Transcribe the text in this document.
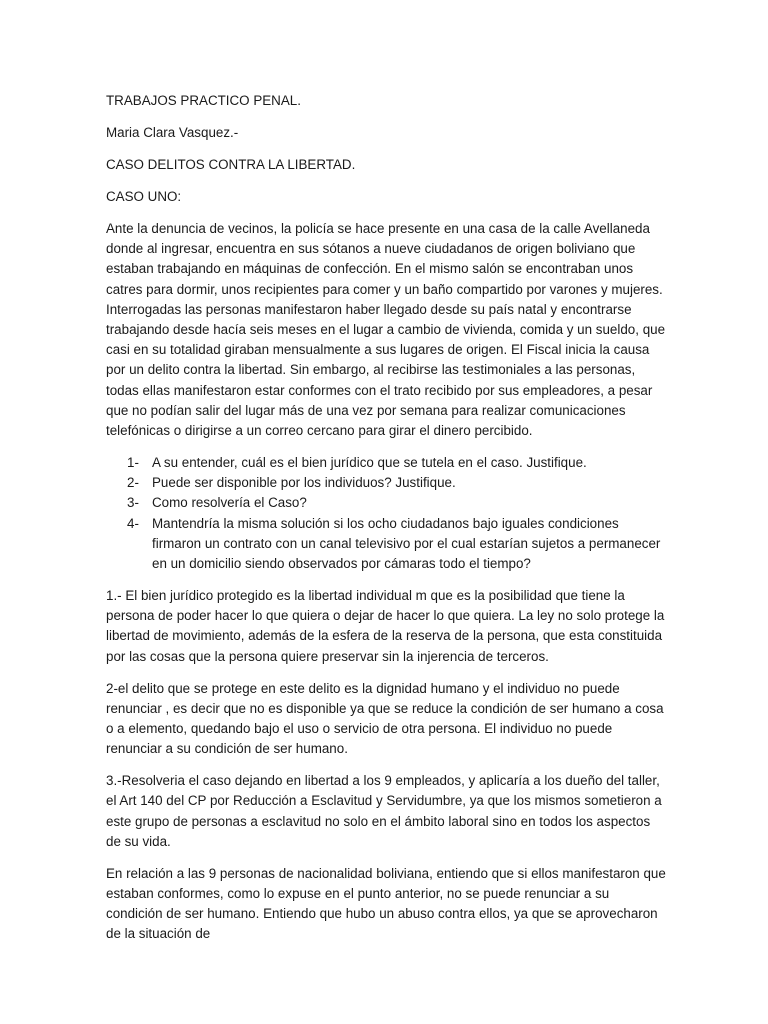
TRABAJOS PRACTICO PENAL.

Maria Clara Vasquez.-

CASO DELITOS CONTRA LA LIBERTAD.

CASO UNO:

Ante la denuncia de vecinos, la policía se hace presente en una casa de la calle Avellaneda donde al ingresar, encuentra en sus sótanos a nueve ciudadanos de origen boliviano que estaban trabajando en máquinas de confección. En el mismo salón se encontraban unos catres para dormir, unos recipientes para comer y un baño compartido por varones y mujeres. Interrogadas las personas manifestaron haber llegado desde su país natal y encontrarse trabajando desde hacía seis meses en el lugar a cambio de vivienda, comida y un sueldo, que casi en su totalidad giraban mensualmente a sus lugares de origen. El Fiscal inicia la causa por un delito contra la libertad. Sin embargo, al recibirse las testimoniales a las personas, todas ellas manifestaron estar conformes con el trato recibido por sus empleadores, a pesar que no podían salir del lugar más de una vez por semana para realizar comunicaciones telefónicas o dirigirse a un correo cercano para girar el dinero percibido.

1- A su entender, cuál es el bien jurídico que se tutela en el caso. Justifique.
2- Puede ser disponible por los individuos? Justifique.
3- Como resolvería el Caso?
4- Mantendría la misma solución si los ocho ciudadanos bajo iguales condiciones firmaron un contrato con un canal televisivo por el cual estarían sujetos a permanecer en un domicilio siendo observados por cámaras todo el tiempo?

1.- El bien jurídico protegido es la libertad individual m que es la posibilidad que tiene la persona de poder hacer lo que quiera o dejar de hacer lo que quiera. La ley no solo protege la libertad de movimiento, además de la esfera de la reserva de la persona, que esta constituida por las cosas que la persona quiere preservar sin la injerencia de terceros.

2-el delito que se protege en este delito es la dignidad humano y el individuo no puede renunciar , es decir que no es disponible ya que se reduce la condición de ser humano a cosa o a elemento, quedando bajo el uso o servicio de otra persona. El individuo no puede renunciar a su condición de ser humano.

3.-Resolveria el caso dejando en libertad a los 9 empleados, y aplicaría a los dueño del taller, el Art 140 del CP por Reducción a Esclavitud y Servidumbre, ya que los mismos sometieron a este grupo de personas a esclavitud no solo en el ámbito laboral sino en todos los aspectos de su vida.

En relación a las 9 personas de nacionalidad boliviana, entiendo que si ellos manifestaron que estaban conformes, como lo expuse en el punto anterior, no se puede renunciar a su condición de ser humano. Entiendo que hubo un abuso contra ellos, ya que se aprovecharon de la situación de
